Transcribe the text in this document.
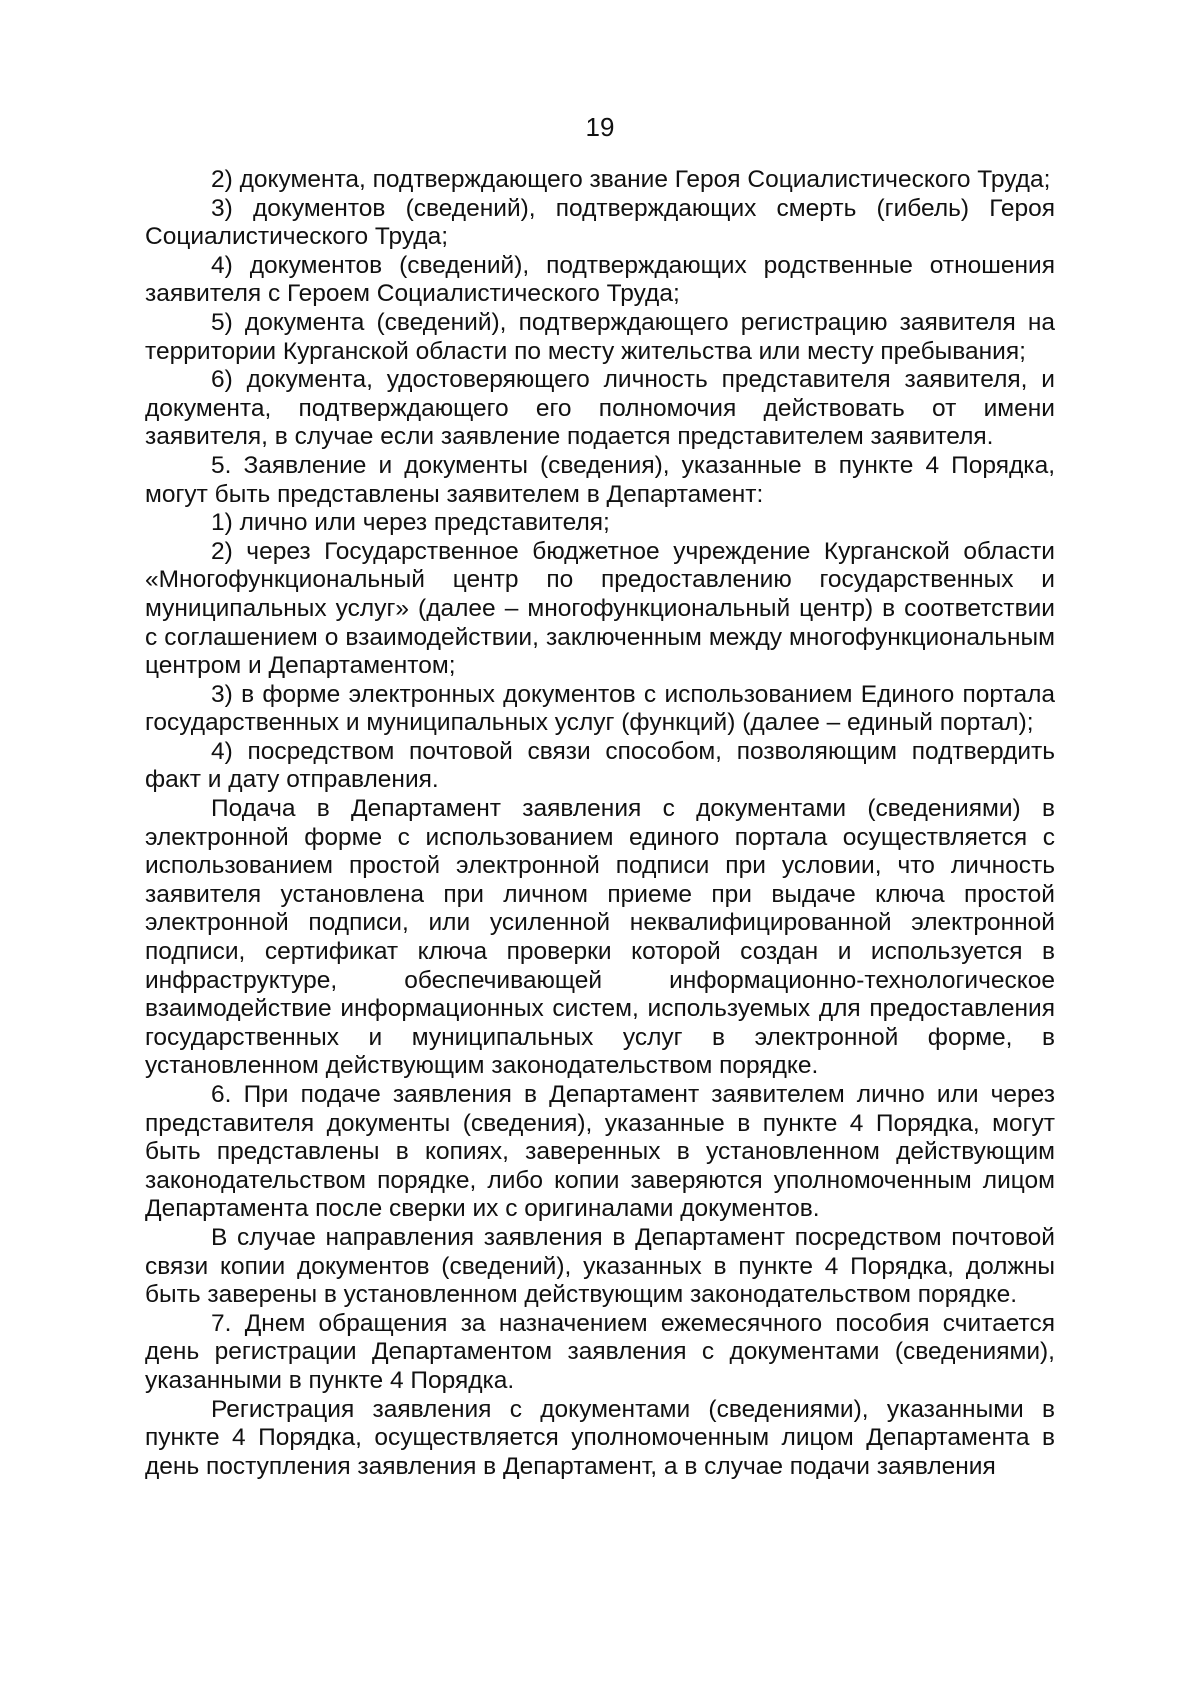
19

2) документа, подтверждающего звание Героя Социалистического Труда;

3) документов (сведений), подтверждающих смерть (гибель) Героя Социалистического Труда;

4) документов (сведений), подтверждающих родственные отношения заявителя с Героем Социалистического Труда;

5) документа (сведений), подтверждающего регистрацию заявителя на территории Курганской области по месту жительства или месту пребывания;

6) документа, удостоверяющего личность представителя заявителя, и документа, подтверждающего его полномочия действовать от имени заявителя, в случае если заявление подается представителем заявителя.

5. Заявление и документы (сведения), указанные в пункте 4 Порядка, могут быть представлены заявителем в Департамент:

1) лично или через представителя;

2) через Государственное бюджетное учреждение Курганской области «Многофункциональный центр по предоставлению государственных и муниципальных услуг» (далее – многофункциональный центр) в соответствии с соглашением о взаимодействии, заключенным между многофункциональным центром и Департаментом;

3) в форме электронных документов с использованием Единого портала государственных и муниципальных услуг (функций) (далее – единый портал);

4) посредством почтовой связи способом, позволяющим подтвердить факт и дату отправления.

Подача в Департамент заявления с документами (сведениями) в электронной форме с использованием единого портала осуществляется с использованием простой электронной подписи при условии, что личность заявителя установлена при личном приеме при выдаче ключа простой электронной подписи, или усиленной неквалифицированной электронной подписи, сертификат ключа проверки которой создан и используется в инфраструктуре, обеспечивающей информационно-технологическое взаимодействие информационных систем, используемых для предоставления государственных и муниципальных услуг в электронной форме, в установленном действующим законодательством порядке.

6. При подаче заявления в Департамент заявителем лично или через представителя документы (сведения), указанные в пункте 4 Порядка, могут быть представлены в копиях, заверенных в установленном действующим законодательством порядке, либо копии заверяются уполномоченным лицом Департамента после сверки их с оригиналами документов.

В случае направления заявления в Департамент посредством почтовой связи копии документов (сведений), указанных в пункте 4 Порядка, должны быть заверены в установленном действующим законодательством порядке.

7. Днем обращения за назначением ежемесячного пособия считается день регистрации Департаментом заявления с документами (сведениями), указанными в пункте 4 Порядка.

Регистрация заявления с документами (сведениями), указанными в пункте 4 Порядка, осуществляется уполномоченным лицом Департамента в день поступления заявления в Департамент, а в случае подачи заявления
